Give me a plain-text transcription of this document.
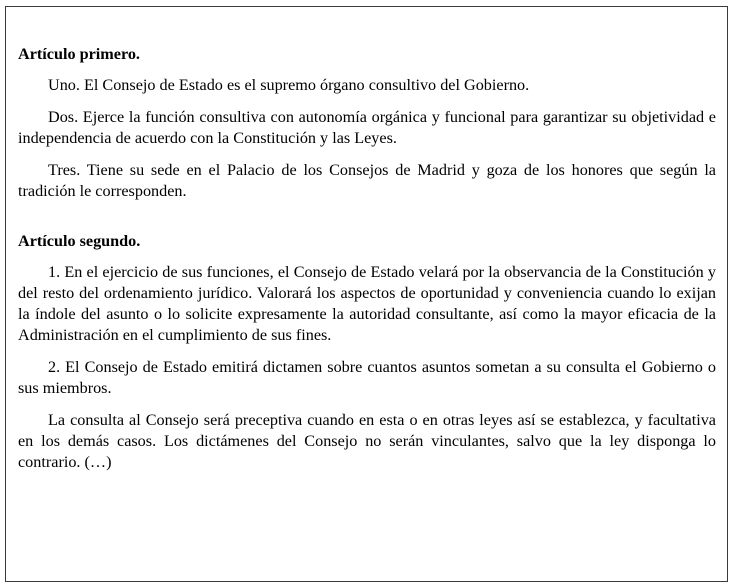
Artículo primero.

Uno. El Consejo de Estado es el supremo órgano consultivo del Gobierno.

Dos. Ejerce la función consultiva con autonomía orgánica y funcional para garantizar su objetividad e independencia de acuerdo con la Constitución y las Leyes.

Tres. Tiene su sede en el Palacio de los Consejos de Madrid y goza de los honores que según la tradición le corresponden.

Artículo segundo.

1. En el ejercicio de sus funciones, el Consejo de Estado velará por la observancia de la Constitución y del resto del ordenamiento jurídico. Valorará los aspectos de oportunidad y conveniencia cuando lo exijan la índole del asunto o lo solicite expresamente la autoridad consultante, así como la mayor eficacia de la Administración en el cumplimiento de sus fines.

2. El Consejo de Estado emitirá dictamen sobre cuantos asuntos sometan a su consulta el Gobierno o sus miembros.

La consulta al Consejo será preceptiva cuando en esta o en otras leyes así se establezca, y facultativa en los demás casos. Los dictámenes del Consejo no serán vinculantes, salvo que la ley disponga lo contrario. (…)
